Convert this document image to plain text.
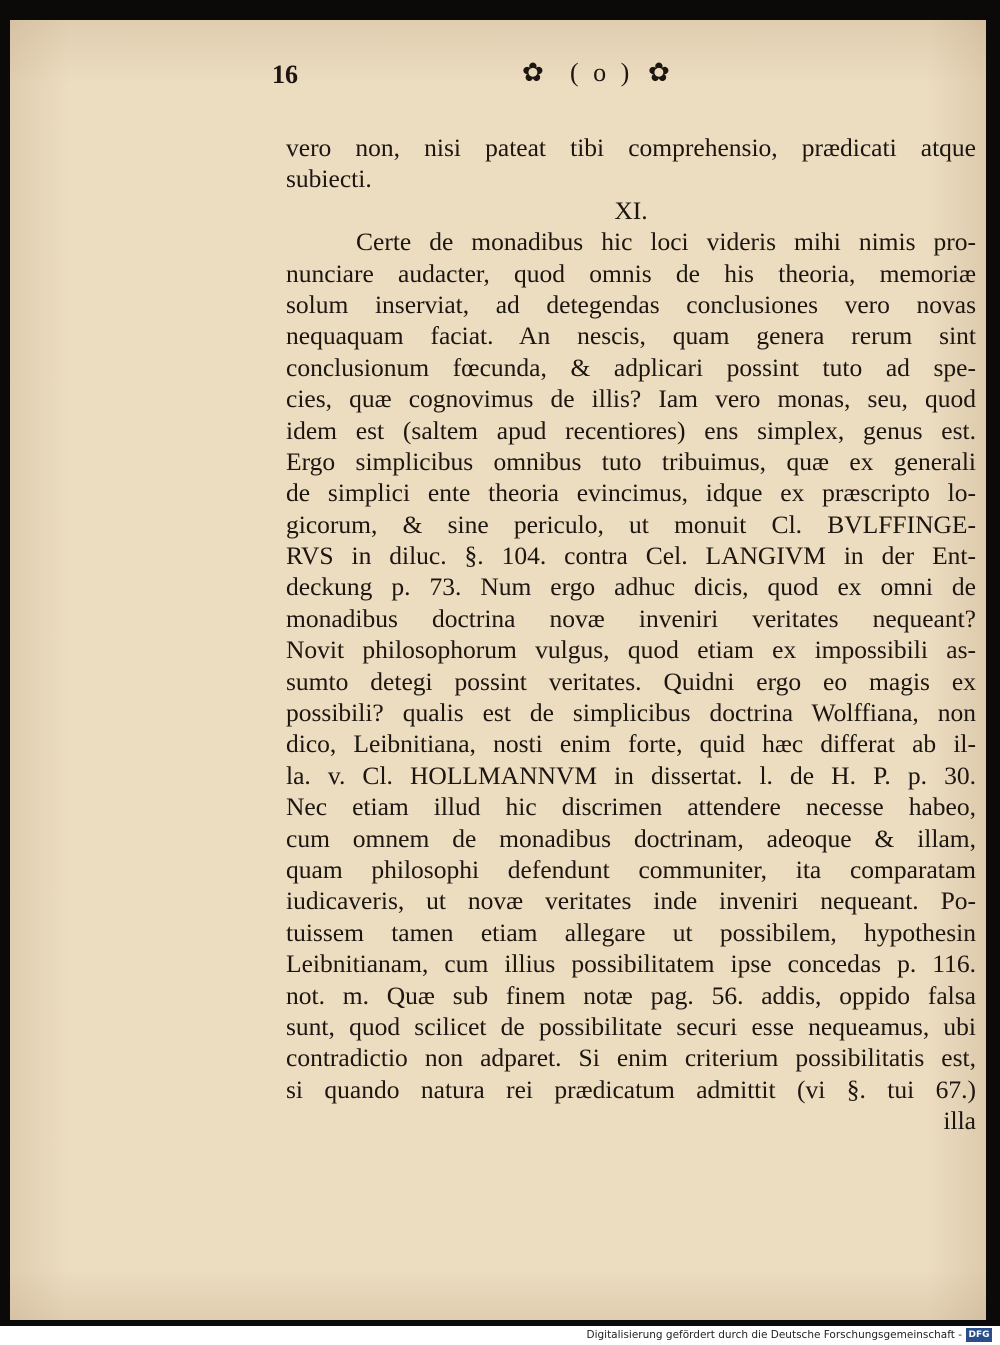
16	✿ ( o ) ✿
vero non, nisi pateat tibi comprehensio, prædicati atque
subiecti.
XI.
Certe de monadibus hic loci videris mihi nimis pro-
nunciare audacter, quod omnis de his theoria, memoriæ
solum inserviat, ad detegendas conclusiones vero novas
nequaquam faciat. An nescis, quam genera rerum sint
conclusionum fœcunda, & adplicari possint tuto ad spe-
cies, quæ cognovimus de illis? Iam vero monas, seu, quod
idem est (saltem apud recentiores) ens simplex, genus est.
Ergo simplicibus omnibus tuto tribuimus, quæ ex generali
de simplici ente theoria evincimus, idque ex præscripto lo-
gicorum, & sine periculo, ut monuit Cl. BVLFFINGE-
RVS in diluc. §. 104. contra Cel. LANGIVM in der Ent-
deckung p. 73. Num ergo adhuc dicis, quod ex omni de
monadibus doctrina novæ inveniri veritates nequeant?
Novit philosophorum vulgus, quod etiam ex impossibili as-
sumto detegi possint veritates. Quidni ergo eo magis ex
possibili? qualis est de simplicibus doctrina Wolffiana, non
dico, Leibnitiana, nosti enim forte, quid hæc differat ab il-
la. v. Cl. HOLLMANNVM in dissertat. l. de H. P. p. 30.
Nec etiam illud hic discrimen attendere necesse habeo,
cum omnem de monadibus doctrinam, adeoque & illam,
quam philosophi defendunt communiter, ita comparatam
iudicaveris, ut novæ veritates inde inveniri nequeant. Po-
tuissem tamen etiam allegare ut possibilem, hypothesin
Leibnitianam, cum illius possibilitatem ipse concedas p. 116.
not. m. Quæ sub finem notæ pag. 56. addis, oppido falsa
sunt, quod scilicet de possibilitate securi esse nequeamus, ubi
contradictio non adparet. Si enim criterium possibilitatis est,
si quando natura rei prædicatum admittit (vi §. tui 67.)
illa
Digitalisierung gefördert durch die Deutsche Forschungsgemeinschaft - DFG
